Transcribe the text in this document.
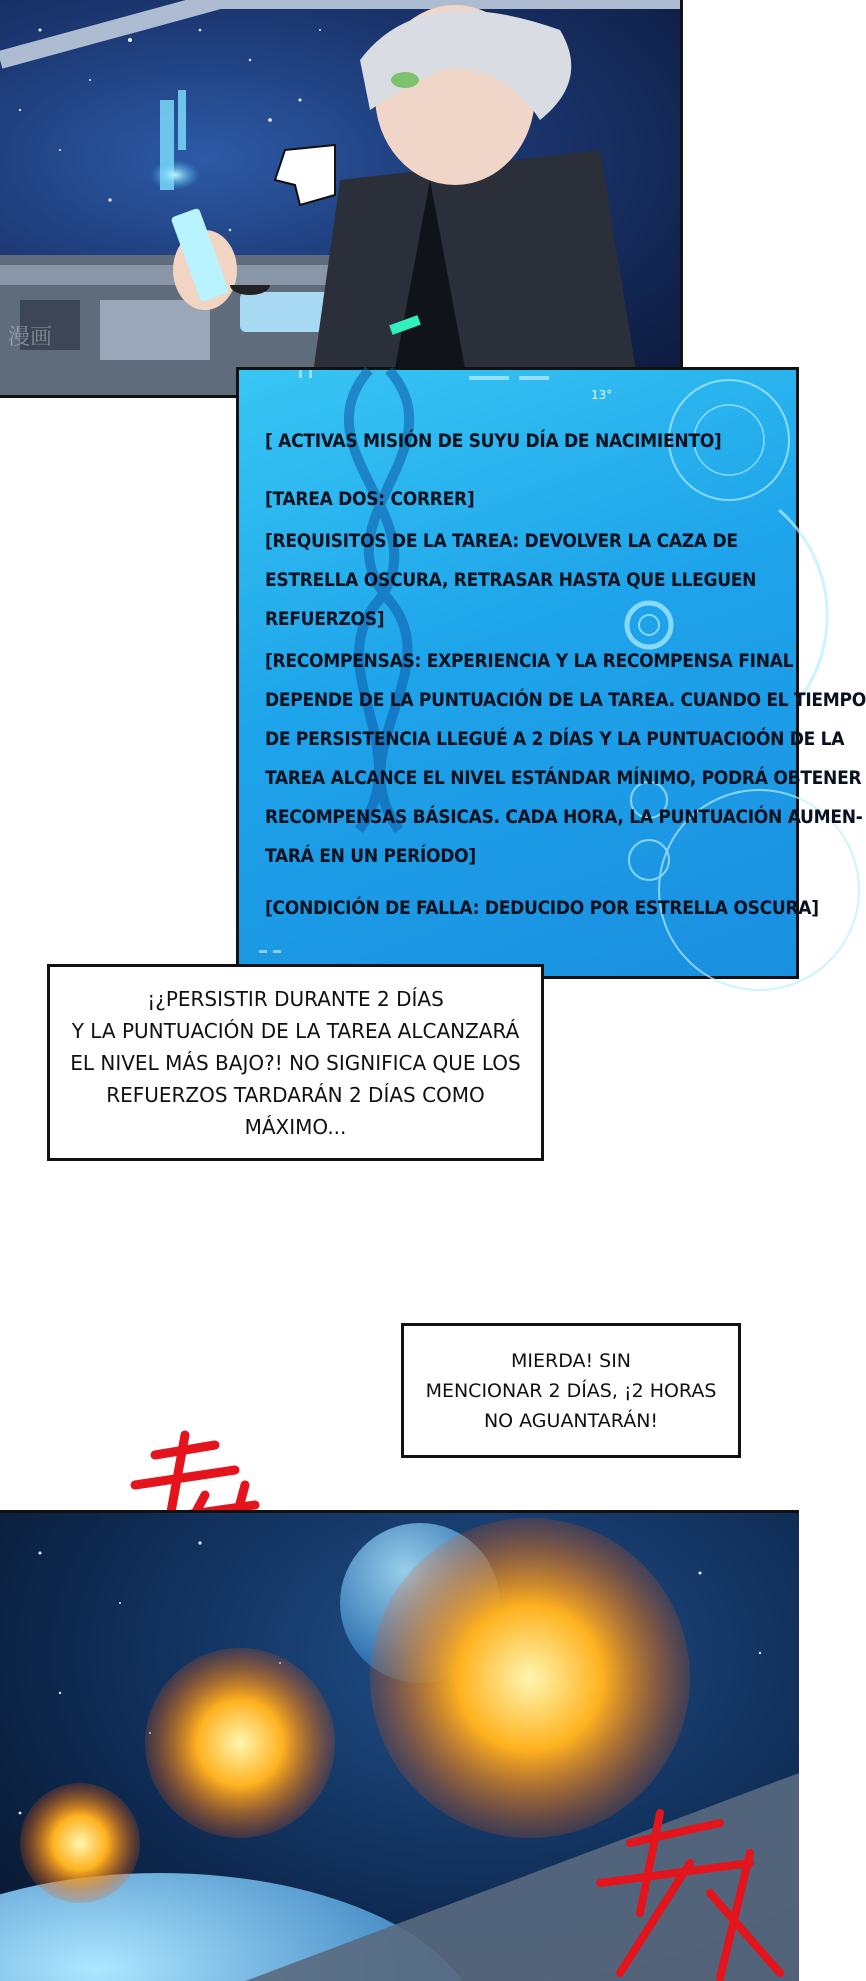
漫画
13°
[ ACTIVAS MISIÓN DE SUYU DÍA DE NACIMIENTO]
[TAREA DOS: CORRER]
[REQUISITOS DE LA TAREA: DEVOLVER LA CAZA DE
ESTRELLA OSCURA, RETRASAR HASTA QUE LLEGUEN
REFUERZOS]
[RECOMPENSAS: EXPERIENCIA Y LA RECOMPENSA FINAL
DEPENDE DE LA PUNTUACIÓN DE LA TAREA. CUANDO EL TIEMPO
DE PERSISTENCIA LLEGUÉ A 2 DÍAS Y LA PUNTUACIOÓN DE LA
TAREA ALCANCE EL NIVEL ESTÁNDAR MÍNIMO, PODRÁ OBTENER
RECOMPENSAS BÁSICAS. CADA HORA, LA PUNTUACIÓN AUMEN-
TARÁ EN UN PERÍODO]
[CONDICIÓN DE FALLA: DEDUCIDO POR ESTRELLA OSCURA]
¡¿PERSISTIR DURANTE 2 DÍAS
Y LA PUNTUACIÓN DE LA TAREA ALCANZARÁ
EL NIVEL MÁS BAJO?! NO SIGNIFICA QUE LOS
REFUERZOS TARDARÁN 2 DÍAS COMO
MÁXIMO...
MIERDA! SIN
MENCIONAR 2 DÍAS, ¡2 HORAS
NO AGUANTARÁN!
